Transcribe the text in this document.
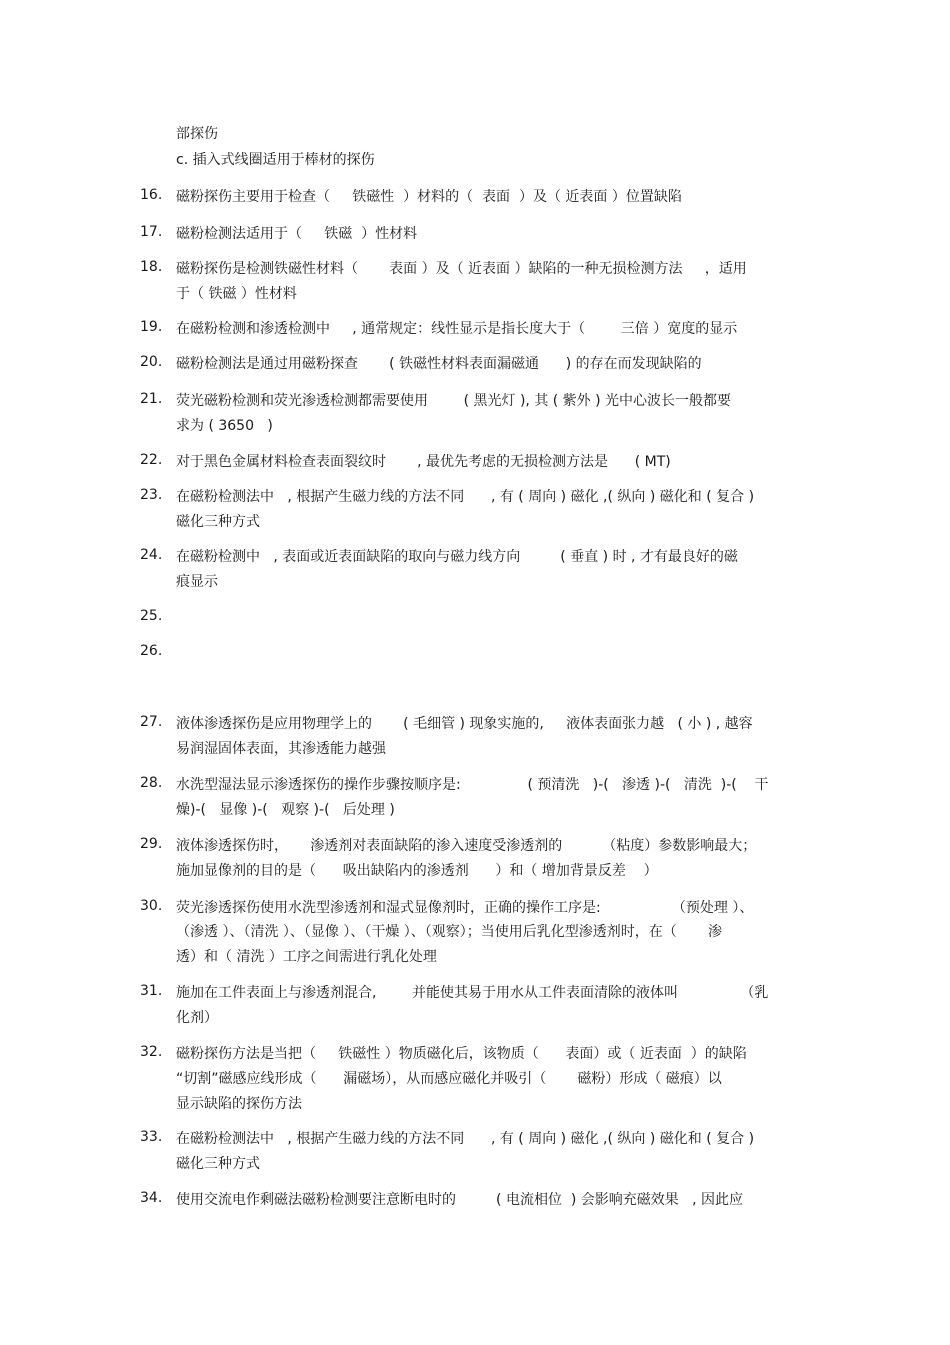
部探伤
c. 插入式线圈适用于棒材的探伤
16. 磁粉探伤主要用于检查（     铁磁性  ）材料的（  表面  ）及（ 近表面 ）位置缺陷
17. 磁粉检测法适用于（     铁磁  ）性材料
18. 磁粉探伤是检测铁磁性材料（       表面 ）及（ 近表面 ）缺陷的一种无损检测方法     ，适用
于（ 铁磁 ）性材料
19. 在磁粉检测和渗透检测中     , 通常规定：线性显示是指长度大于（        三倍 ）宽度的显示
20. 磁粉检测法是通过用磁粉探查       ( 铁磁性材料表面漏磁通      ) 的存在而发现缺陷的
21. 荧光磁粉检测和荧光渗透检测都需要使用        ( 黑光灯 ), 其 ( 紫外 ) 光中心波长一般都要
求为 ( 3650   )
22. 对于黑色金属材料检查表面裂纹时       , 最优先考虑的无损检测方法是      ( MT)
23. 在磁粉检测法中   , 根据产生磁力线的方法不同      , 有 ( 周向 ) 磁化 ,( 纵向 ) 磁化和 ( 复合 )
磁化三种方式
24. 在磁粉检测中   , 表面或近表面缺陷的取向与磁力线方向         ( 垂直 ) 时 , 才有最良好的磁
痕显示
25.
26.
27. 液体渗透探伤是应用物理学上的       ( 毛细管 ) 现象实施的,     液体表面张力越   ( 小 ) , 越容
易润湿固体表面，其渗透能力越强
28. 水洗型湿法显示渗透探伤的操作步骤按顺序是:               ( 预清洗   )-(   渗透 )-(   清洗  )-(    干
燥)-(   显像 )-(   观察 )-(   后处理 )
29. 液体渗透探伤时，     渗透剂对表面缺陷的渗入速度受渗透剂的         （粘度）参数影响最大；
施加显像剂的目的是（      吸出缺陷内的渗透剂      ）和（ 增加背景反差    ）
30. 荧光渗透探伤使用水洗型渗透剂和湿式显像剂时，正确的操作工序是:                （预处理 ）、
（渗透 ）、（清洗 ）、（显像 ）、（干燥 ）、（观察）；当使用后乳化型渗透剂时，在（       渗
透）和（ 清洗 ）工序之间需进行乳化处理
31. 施加在工件表面上与渗透剂混合,        并能使其易于用水从工件表面清除的液体叫              （乳
化剂）
32. 磁粉探伤方法是当把（     铁磁性 ）物质磁化后，该物质（      表面）或（ 近表面  ）的缺陷
“切割”磁感应线形成（      漏磁场），从而感应磁化并吸引（       磁粉）形成（ 磁痕）以
显示缺陷的探伤方法
33. 在磁粉检测法中   , 根据产生磁力线的方法不同      , 有 ( 周向 ) 磁化 ,( 纵向 ) 磁化和 ( 复合 )
磁化三种方式
34. 使用交流电作剩磁法磁粉检测要注意断电时的         ( 电流相位  ) 会影响充磁效果   , 因此应
